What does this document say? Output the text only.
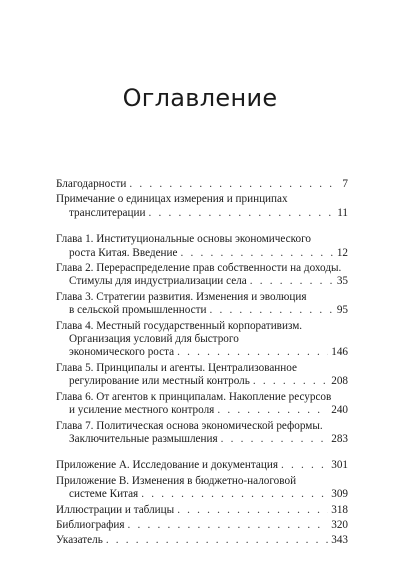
Оглавление
Благодарности . . .	7
Примечание о единицах измерения и принципах
транслитерации . . .	11
Глава 1. Институциональные основы экономического
роста Китая. Введение . . .	12
Глава 2. Перераспределение прав собственности на доходы.
Стимулы для индустриализации села . . .	35
Глава 3. Стратегии развития. Изменения и эволюция
в сельской промышленности . . .	95
Глава 4. Местный государственный корпоративизм.
Организация условий для быстрого
экономического роста . . .	146
Глава 5. Принципалы и агенты. Централизованное
регулирование или местный контроль . . .	208
Глава 6. От агентов к принципалам. Накопление ресурсов
и усиление местного контроля . . .	240
Глава 7. Политическая основа экономической реформы.
Заключительные размышления . . .	283
Приложение А. Исследование и документация . . .	301
Приложение В. Изменения в бюджетно-налоговой
системе Китая . . .	309
Иллюстрации и таблицы . . .	318
Библиография . . .	320
Указатель . . .	343
